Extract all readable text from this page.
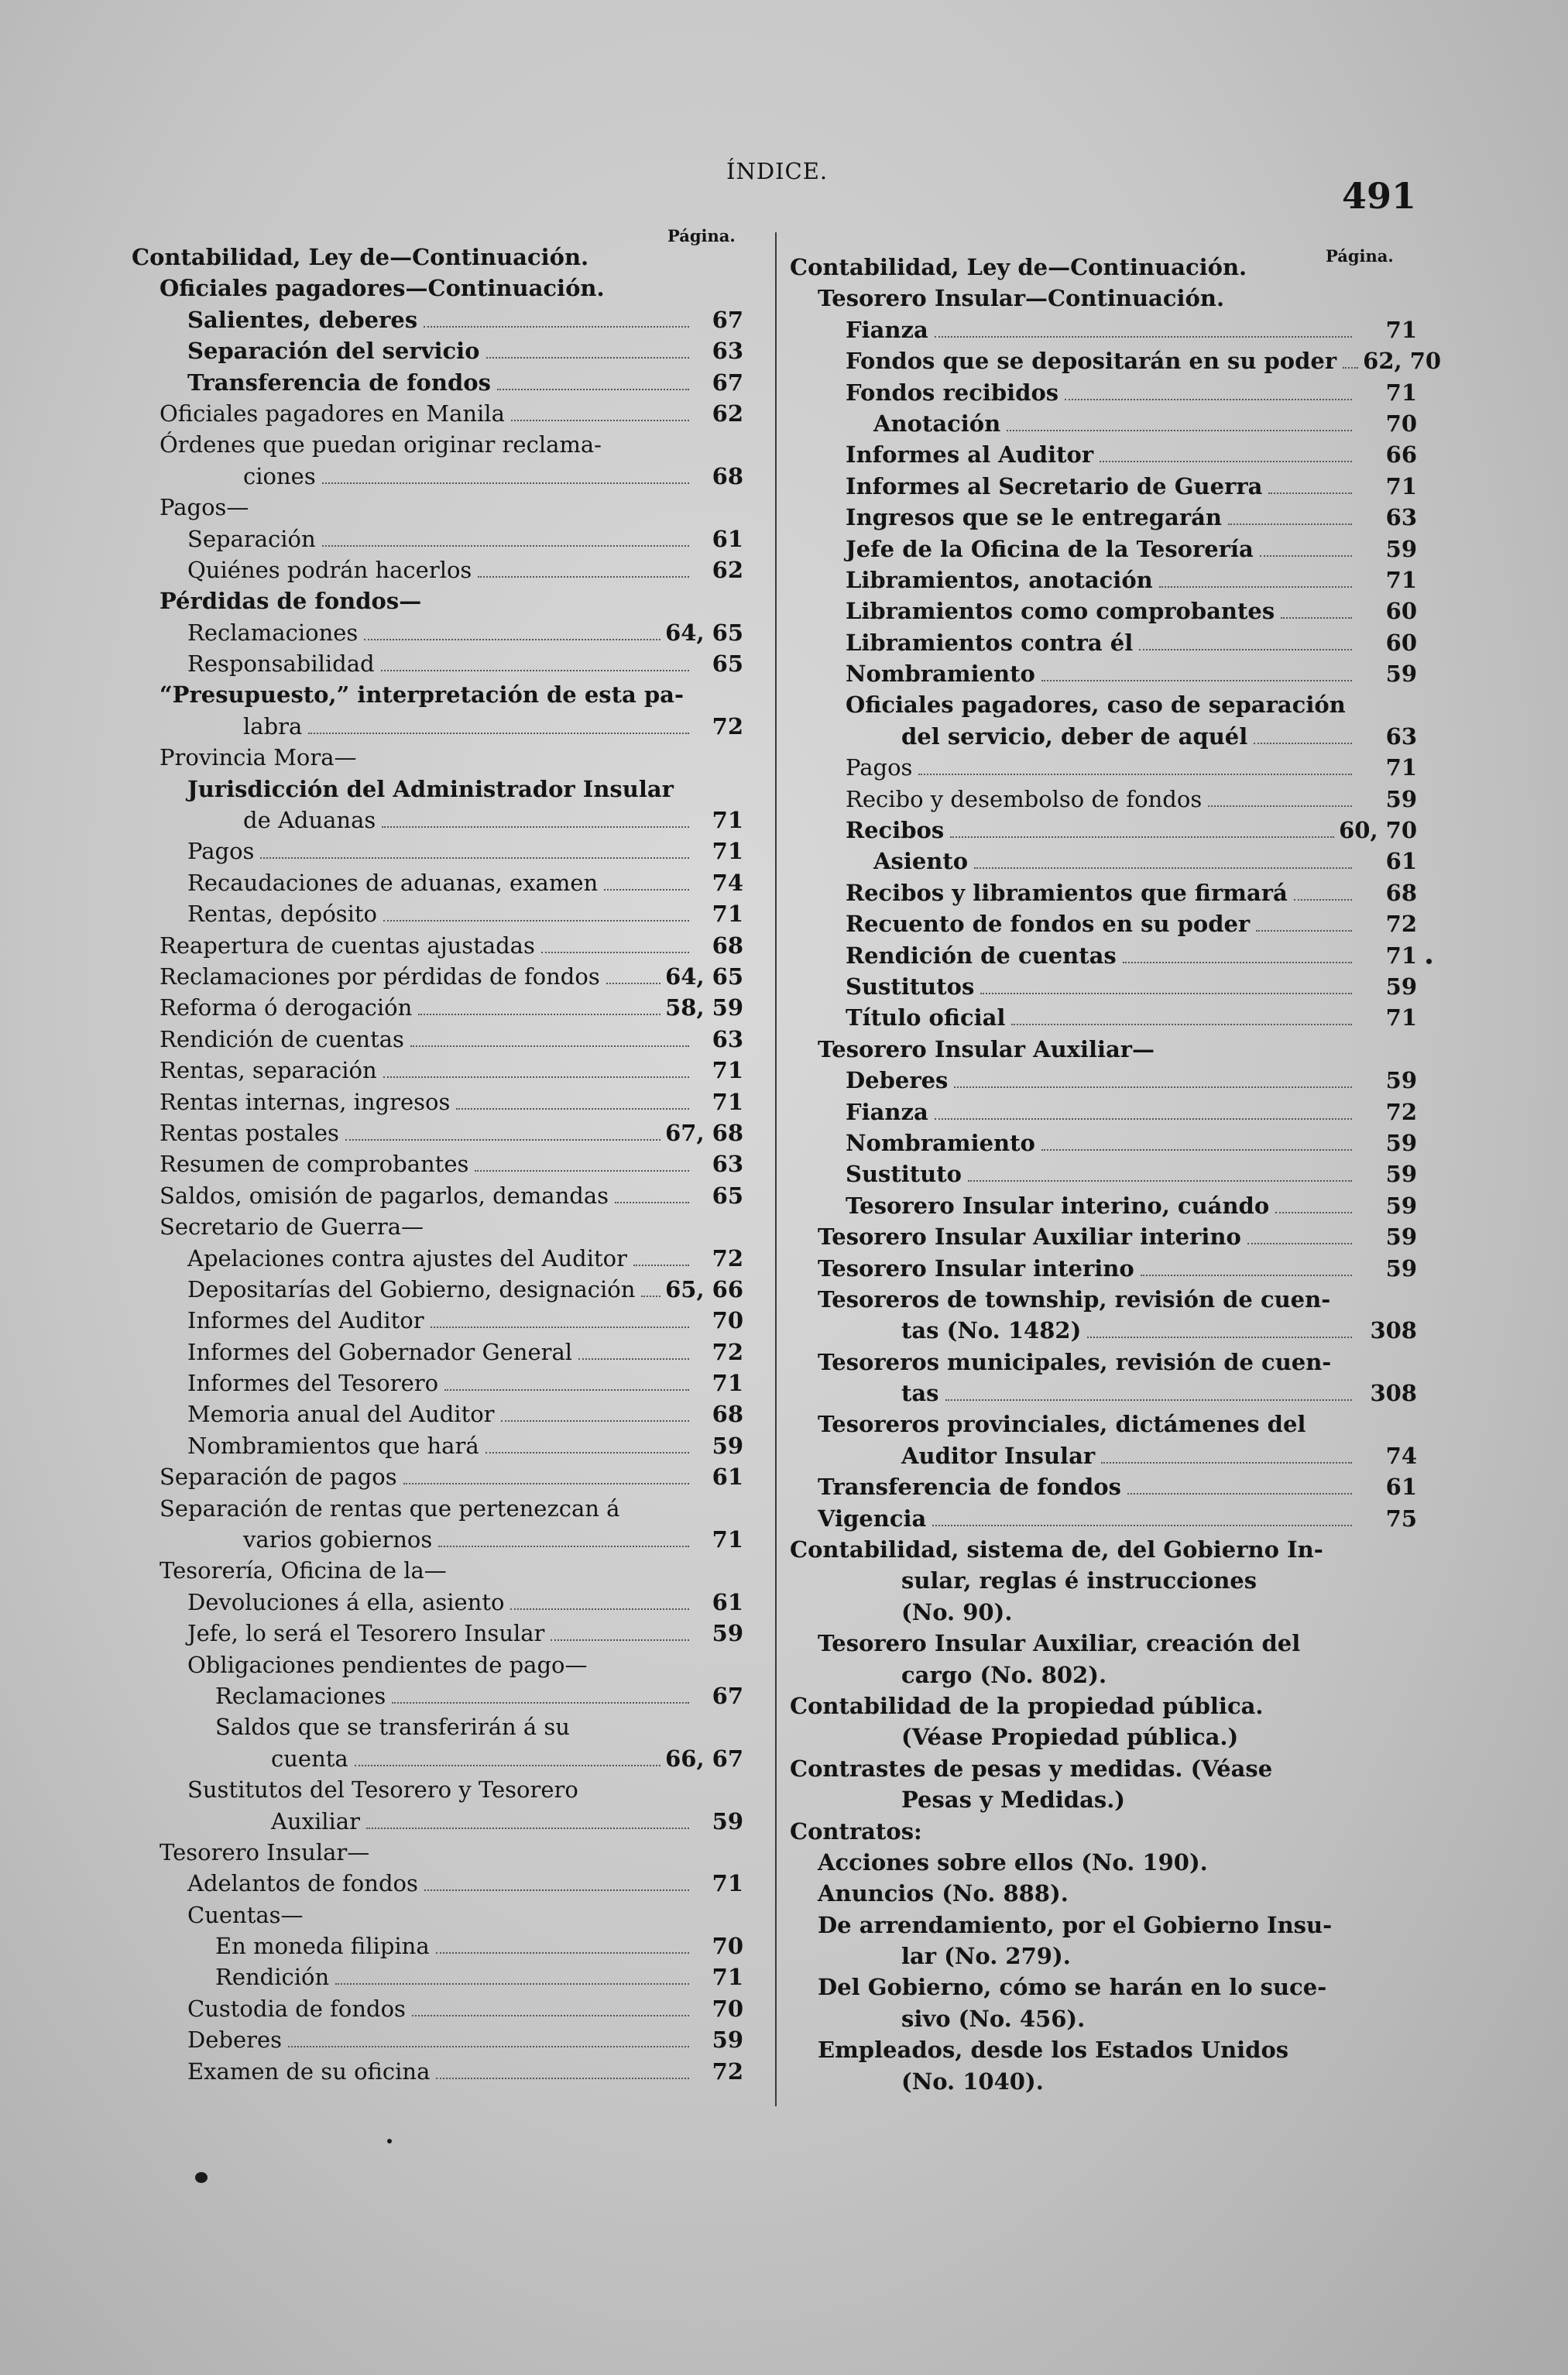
ÍNDICE.
491
Página.
Página.
Contabilidad, Ley de—Continuación.
Oficiales pagadores—Continuación.
Salientes, deberes	67
Separación del servicio	63
Transferencia de fondos	67
Oficiales pagadores en Manila	62
Órdenes que puedan originar reclama-
ciones	68
Pagos—
Separación	61
Quiénes podrán hacerlos	62
Pérdidas de fondos—
Reclamaciones	64, 65
Responsabilidad	65
“Presupuesto,” interpretación de esta pa-
labra	72
Provincia Mora—
Jurisdicción del Administrador Insular
de Aduanas	71
Pagos	71
Recaudaciones de aduanas, examen	74
Rentas, depósito	71
Reapertura de cuentas ajustadas	68
Reclamaciones por pérdidas de fondos	64, 65
Reforma ó derogación	58, 59
Rendición de cuentas	63
Rentas, separación	71
Rentas internas, ingresos	71
Rentas postales	67, 68
Resumen de comprobantes	63
Saldos, omisión de pagarlos, demandas	65
Secretario de Guerra—
Apelaciones contra ajustes del Auditor	72
Depositarías del Gobierno, designación 65, 66
Informes del Auditor	70
Informes del Gobernador General	72
Informes del Tesorero	71
Memoria anual del Auditor	68
Nombramientos que hará	59
Separación de pagos	61
Separación de rentas que pertenezcan á
varios gobiernos	71
Tesorería, Oficina de la—
Devoluciones á ella, asiento	61
Jefe, lo será el Tesorero Insular	59
Obligaciones pendientes de pago—
Reclamaciones	67
Saldos que se transferirán á su
cuenta	66, 67
Sustitutos del Tesorero y Tesorero
Auxiliar	59
Tesorero Insular—
Adelantos de fondos	71
Cuentas—
En moneda filipina	70
Rendición	71
Custodia de fondos	70
Deberes	59
Examen de su oficina	72
Contabilidad, Ley de—Continuación.
Tesorero Insular—Continuación.
Fianza	71
Fondos que se depositarán en su poder 62, 70
Fondos recibidos	71
Anotación	70
Informes al Auditor	66
Informes al Secretario de Guerra	71
Ingresos que se le entregarán	63
Jefe de la Oficina de la Tesorería	59
Libramientos, anotación	71
Libramientos como comprobantes	60
Libramientos contra él	60
Nombramiento	59
Oficiales pagadores, caso de separación
del servicio, deber de aquél	63
Pagos	71
Recibo y desembolso de fondos	59
Recibos	60, 70
Asiento	61
Recibos y libramientos que firmará	68
Recuento de fondos en su poder	72
Rendición de cuentas	71
Sustitutos	59
Título oficial	71
Tesorero Insular Auxiliar—
Deberes	59
Fianza	72
Nombramiento	59
Sustituto	59
Tesorero Insular interino, cuándo	59
Tesorero Insular Auxiliar interino	59
Tesorero Insular interino	59
Tesoreros de township, revisión de cuen-
tas (No. 1482)	308
Tesoreros municipales, revisión de cuen-
tas	308
Tesoreros provinciales, dictámenes del
Auditor Insular	74
Transferencia de fondos	61
Vigencia	75
Contabilidad, sistema de, del Gobierno In-
sular, reglas é instrucciones
(No. 90).
Tesorero Insular Auxiliar, creación del
cargo (No. 802).
Contabilidad de la propiedad pública.
(Véase Propiedad pública.)
Contrastes de pesas y medidas. (Véase
Pesas y Medidas.)
Contratos:
Acciones sobre ellos (No. 190).
Anuncios (No. 888).
De arrendamiento, por el Gobierno Insu-
lar (No. 279).
Del Gobierno, cómo se harán en lo suce-
sivo (No. 456).
Empleados, desde los Estados Unidos
(No. 1040).
